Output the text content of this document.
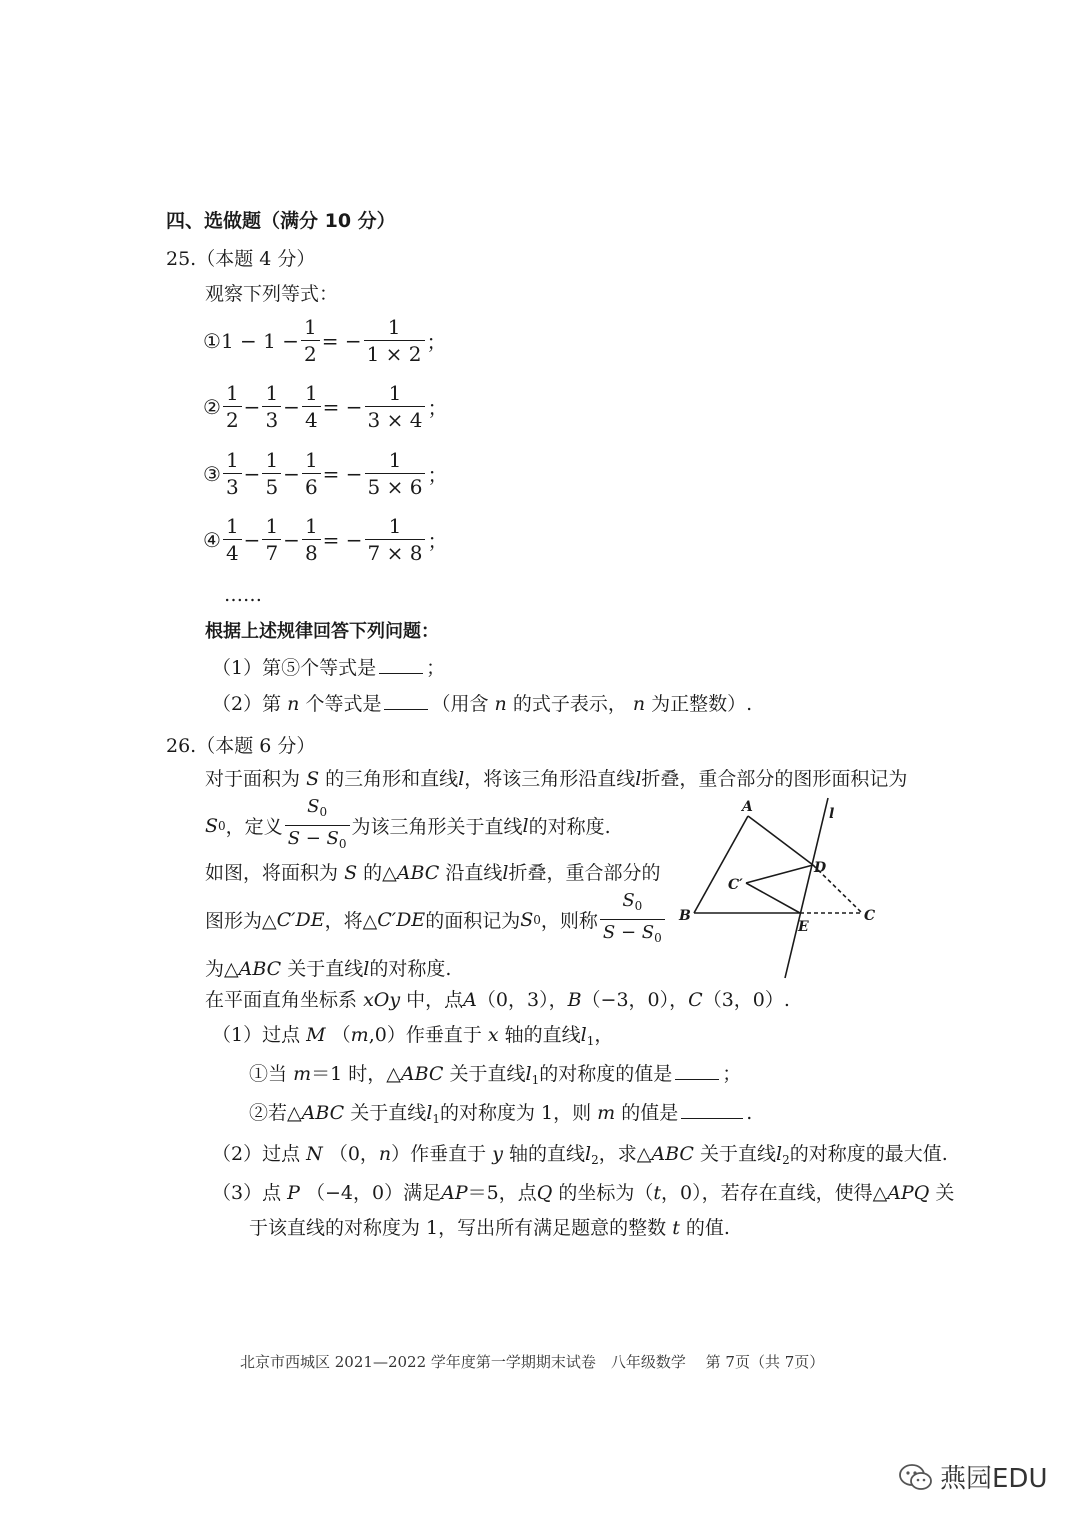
四、选做题（满分 10 分）
25.（本题 4 分）
观察下列等式：
① $1 - 1 - \frac{1}{2}$ = − $\frac{1}{1 \times 2}$ ；
② $\frac{1}{2} - \frac{1}{3} - \frac{1}{4}$ = − $\frac{1}{3 \times 4}$ ；
③ $\frac{1}{3} - \frac{1}{5} - \frac{1}{6}$ = − $\frac{1}{5 \times 6}$ ；
④ $\frac{1}{4} - \frac{1}{7} - \frac{1}{8}$ = − $\frac{1}{7 \times 8}$ ；
……
根据上述规律回答下列问题：
（1）第⑤个等式是	；
（2）第 n 个等式是	（用含 n 的式子表示， n 为正整数）.
26.（本题 6 分）
对于面积为 S 的三角形和直线l，将该三角形沿直线l折叠，重合部分的图形面积记为
S 0 ，定义 $\frac{S_0}{S - S_0}$ 为该三角形关于直线 l 的对称度.
如图，将面积为 S 的△ABC 沿直线l折叠，重合部分的
图形为△ C′DE ，将△ C′DE 的面积记为 S 0 ，则称 $\frac{S_0}{S - S_0}$
为△ABC 关于直线l的对称度.
在平面直角坐标系 xOy 中，点A（0，3），B（−3，0），C（3，0）.
（1）过点 M （m,0）作垂直于 x 轴的直线$l_1$，
①当 m＝1 时，△ABC 关于直线$l_1$的对称度的值是	；
②若△ABC 关于直线$l_1$的对称度为 1，则 m 的值是	.
（2）过点 N （0，n）作垂直于 y 轴的直线$l_2$，求△ABC 关于直线$l_2$的对称度的最大值.
（3）点 P （−4，0）满足AP＝5，点Q 的坐标为（t，0），若存在直线，使得△APQ 关
于该直线的对称度为 1，写出所有满足题意的整数 t 的值.
A
B	C
D
E
C′
l
北京市西城区 2021—2022 学年度第一学期期末试卷　八年级数学　 第 7页（共 7页）
燕园EDU
